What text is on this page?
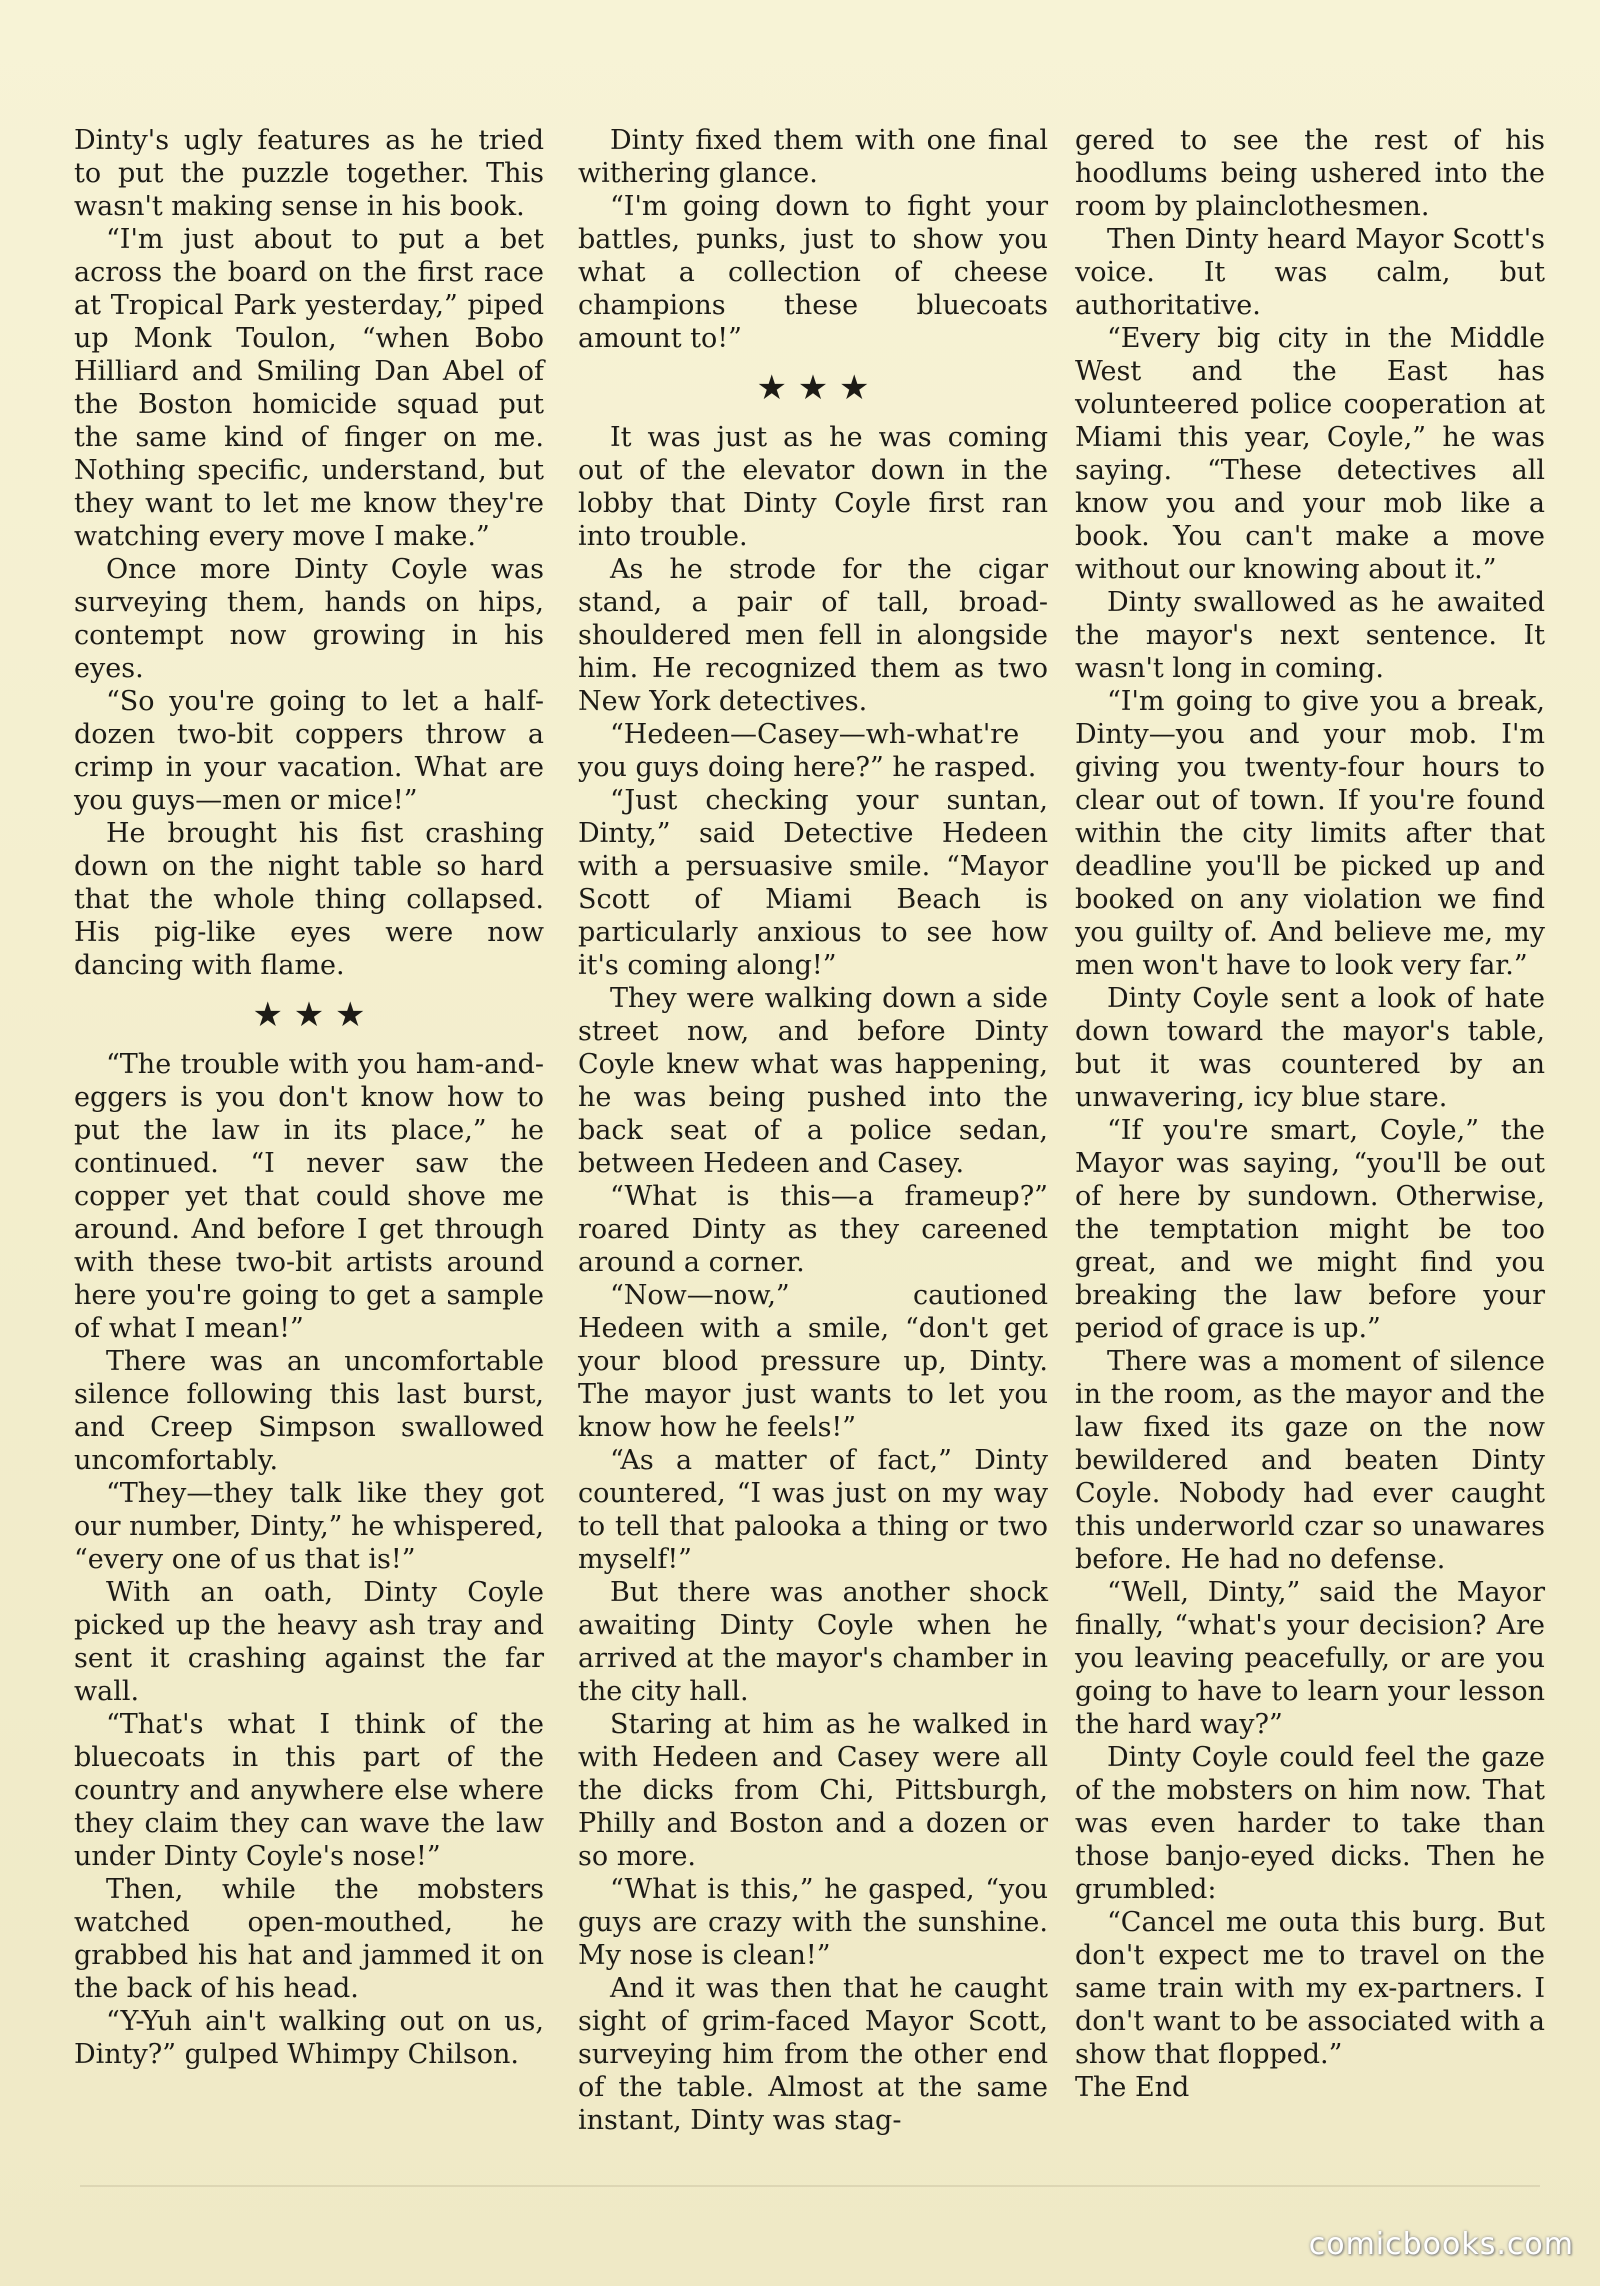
Dinty's ugly features as he tried to put the puzzle together. This wasn't making sense in his book.

“I'm just about to put a bet across the board on the first race at Tropical Park yesterday,” piped up Monk Toulon, “when Bobo Hilliard and Smiling Dan Abel of the Boston homicide squad put the same kind of finger on me. Nothing specific, understand, but they want to let me know they're watching every move I make.”

Once more Dinty Coyle was surveying them, hands on hips, contempt now growing in his eyes.

“So you're going to let a half-dozen two-bit coppers throw a crimp in your vacation. What are you guys—men or mice!”

He brought his fist crashing down on the night table so hard that the whole thing collapsed. His pig-like eyes were now dancing with flame.

★ ★ ★

“The trouble with you ham-and-eggers is you don't know how to put the law in its place,” he continued. “I never saw the copper yet that could shove me around. And before I get through with these two-bit artists around here you're going to get a sample of what I mean!”

There was an uncomfortable silence following this last burst, and Creep Simpson swallowed uncomfortably.

“They—they talk like they got our number, Dinty,” he whispered, “every one of us that is!”

With an oath, Dinty Coyle picked up the heavy ash tray and sent it crashing against the far wall.

“That's what I think of the bluecoats in this part of the country and anywhere else where they claim they can wave the law under Dinty Coyle's nose!”

Then, while the mobsters watched open-mouthed, he grabbed his hat and jammed it on the back of his head.

“Y-Yuh ain't walking out on us, Dinty?” gulped Whimpy Chilson.

Dinty fixed them with one final withering glance.

“I'm going down to fight your battles, punks, just to show you what a collection of cheese champions these bluecoats amount to!”

★ ★ ★

It was just as he was coming out of the elevator down in the lobby that Dinty Coyle first ran into trouble.

As he strode for the cigar stand, a pair of tall, broad-shouldered men fell in alongside him. He recognized them as two New York detectives.

“Hedeen—Casey—wh-what're you guys doing here?” he rasped.

“Just checking your suntan, Dinty,” said Detective Hedeen with a persuasive smile. “Mayor Scott of Miami Beach is particularly anxious to see how it's coming along!”

They were walking down a side street now, and before Dinty Coyle knew what was happening, he was being pushed into the back seat of a police sedan, between Hedeen and Casey.

“What is this—a frameup?” roared Dinty as they careened around a corner.

“Now—now,” cautioned Hedeen with a smile, “don't get your blood pressure up, Dinty. The mayor just wants to let you know how he feels!”

“As a matter of fact,” Dinty countered, “I was just on my way to tell that palooka a thing or two myself!”

But there was another shock awaiting Dinty Coyle when he arrived at the mayor's chamber in the city hall.

Staring at him as he walked in with Hedeen and Casey were all the dicks from Chi, Pittsburgh, Philly and Boston and a dozen or so more.

“What is this,” he gasped, “you guys are crazy with the sunshine. My nose is clean!”

And it was then that he caught sight of grim-faced Mayor Scott, surveying him from the other end of the table. Almost at the same instant, Dinty was stag-

gered to see the rest of his hoodlums being ushered into the room by plainclothesmen.

Then Dinty heard Mayor Scott's voice. It was calm, but authoritative.

“Every big city in the Middle West and the East has volunteered police cooperation at Miami this year, Coyle,” he was saying. “These detectives all know you and your mob like a book. You can't make a move without our knowing about it.”

Dinty swallowed as he awaited the mayor's next sentence. It wasn't long in coming.

“I'm going to give you a break, Dinty—you and your mob. I'm giving you twenty-four hours to clear out of town. If you're found within the city limits after that deadline you'll be picked up and booked on any violation we find you guilty of. And believe me, my men won't have to look very far.”

Dinty Coyle sent a look of hate down toward the mayor's table, but it was countered by an unwavering, icy blue stare.

“If you're smart, Coyle,” the Mayor was saying, “you'll be out of here by sundown. Otherwise, the temptation might be too great, and we might find you breaking the law before your period of grace is up.”

There was a moment of silence in the room, as the mayor and the law fixed its gaze on the now bewildered and beaten Dinty Coyle. Nobody had ever caught this underworld czar so unawares before. He had no defense.

“Well, Dinty,” said the Mayor finally, “what's your decision? Are you leaving peacefully, or are you going to have to learn your lesson the hard way?”

Dinty Coyle could feel the gaze of the mobsters on him now. That was even harder to take than those banjo-eyed dicks. Then he grumbled:

“Cancel me outa this burg. But don't expect me to travel on the same train with my ex-partners. I don't want to be associated with a show that flopped.”

The End

comicbooks.com
